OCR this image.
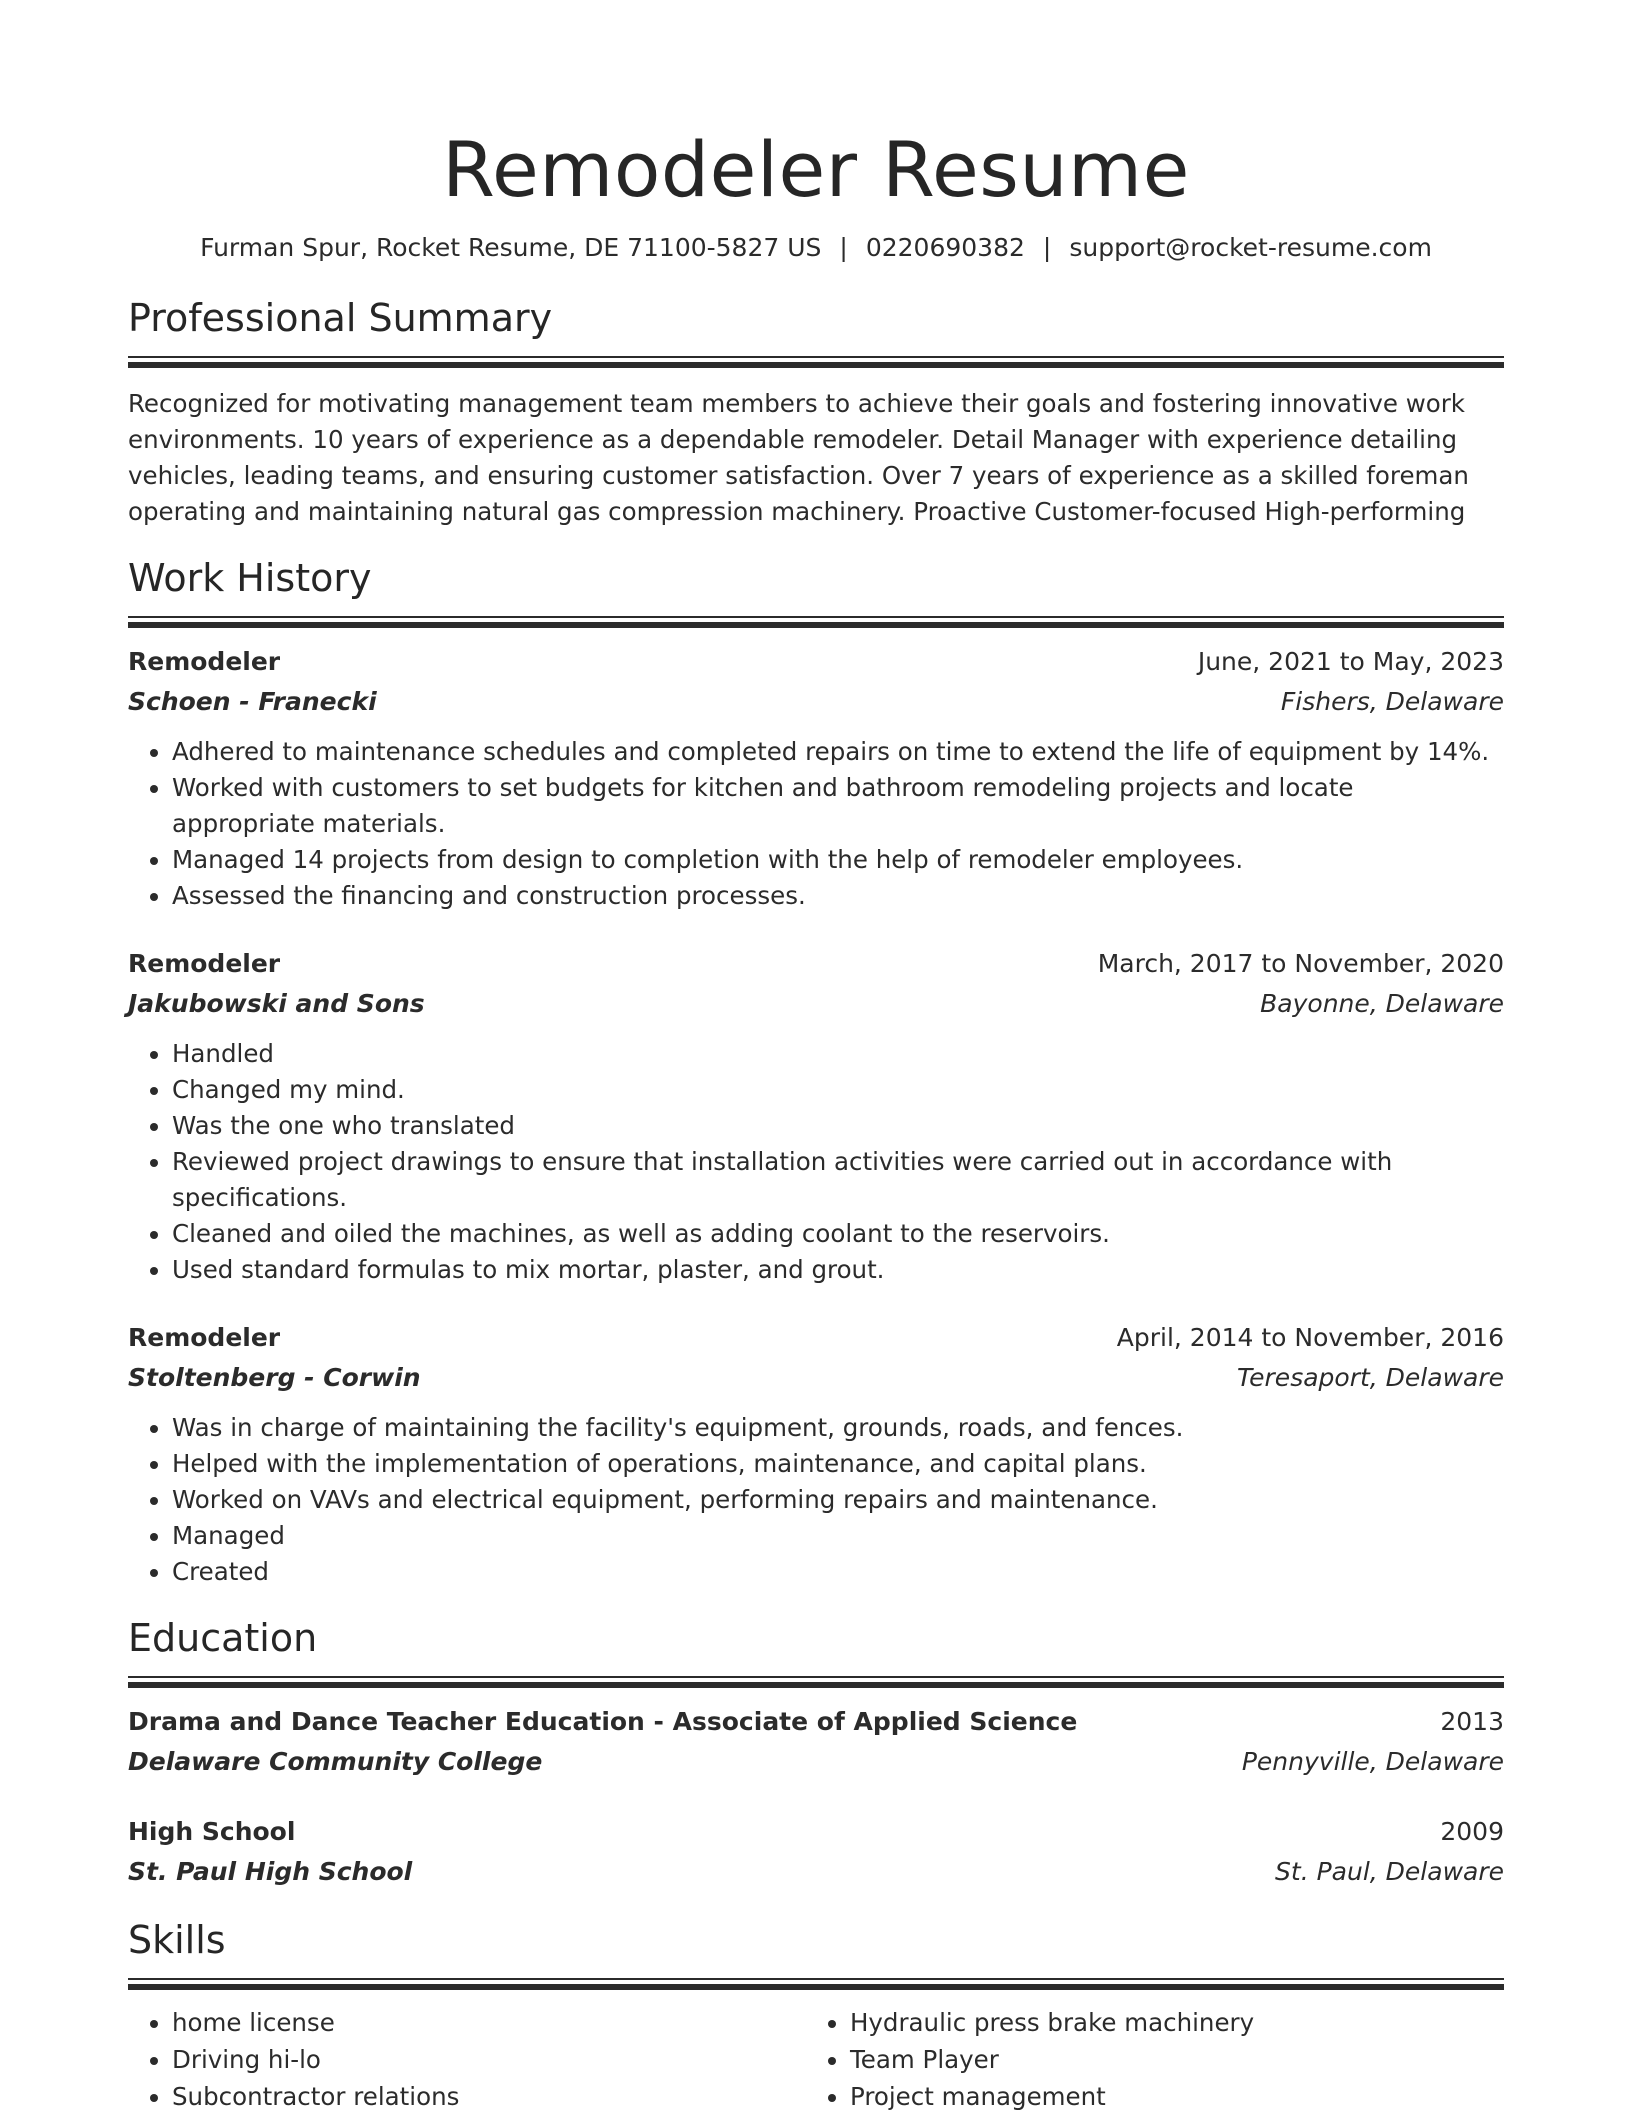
Remodeler Resume
Furman Spur, Rocket Resume, DE 71100-5827 US | 0220690382 | support@rocket-resume.com
Professional Summary
Recognized for motivating management team members to achieve their goals and fostering innovative work environments. 10 years of experience as a dependable remodeler. Detail Manager with experience detailing vehicles, leading teams, and ensuring customer satisfaction. Over 7 years of experience as a skilled foreman operating and maintaining natural gas compression machinery. Proactive Customer-focused High-performing
Work History
Remodeler	June, 2021 to May, 2023
Schoen - Franecki	Fishers, Delaware
• Adhered to maintenance schedules and completed repairs on time to extend the life of equipment by 14%.
• Worked with customers to set budgets for kitchen and bathroom remodeling projects and locate appropriate materials.
• Managed 14 projects from design to completion with the help of remodeler employees.
• Assessed the financing and construction processes.
Remodeler	March, 2017 to November, 2020
Jakubowski and Sons	Bayonne, Delaware
• Handled
• Changed my mind.
• Was the one who translated
• Reviewed project drawings to ensure that installation activities were carried out in accordance with specifications.
• Cleaned and oiled the machines, as well as adding coolant to the reservoirs.
• Used standard formulas to mix mortar, plaster, and grout.
Remodeler	April, 2014 to November, 2016
Stoltenberg - Corwin	Teresaport, Delaware
• Was in charge of maintaining the facility's equipment, grounds, roads, and fences.
• Helped with the implementation of operations, maintenance, and capital plans.
• Worked on VAVs and electrical equipment, performing repairs and maintenance.
• Managed
• Created
Education
Drama and Dance Teacher Education - Associate of Applied Science	2013
Delaware Community College	Pennyville, Delaware
High School	2009
St. Paul High School	St. Paul, Delaware
Skills
• home license
• Driving hi-lo
• Subcontractor relations
• Hydraulic press brake machinery
• Team Player
• Project management
